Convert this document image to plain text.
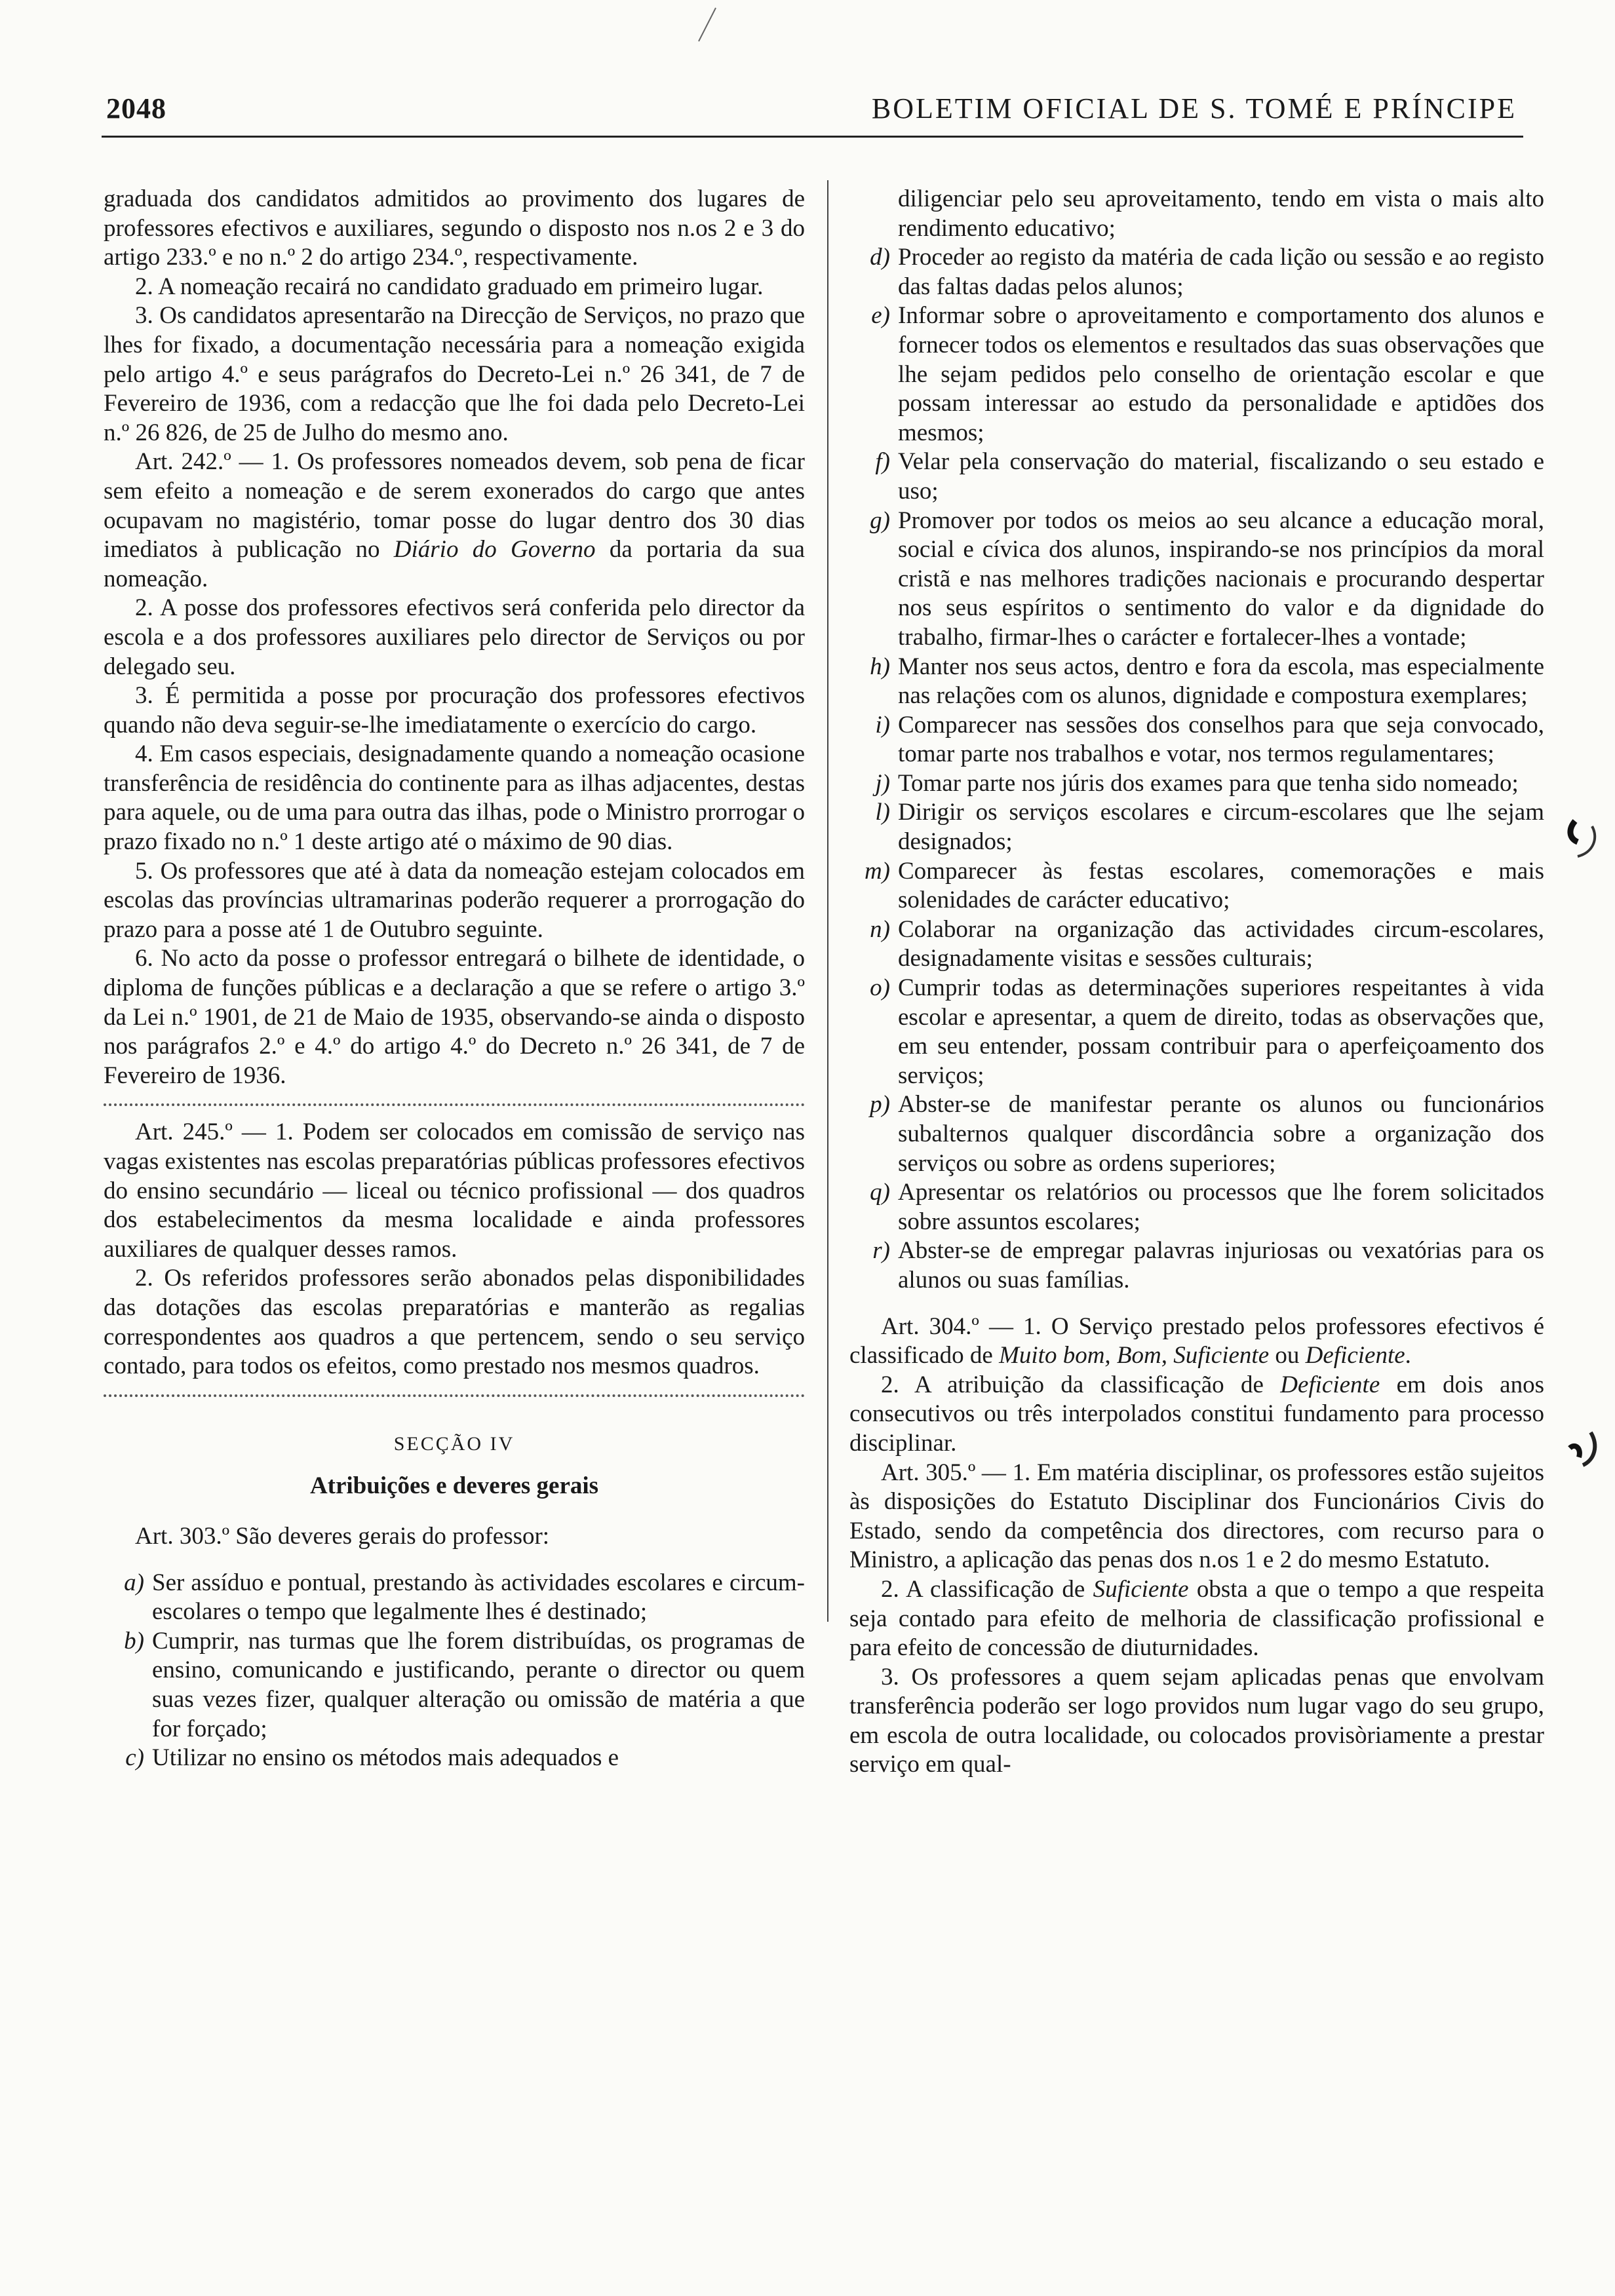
2048	BOLETIM OFICIAL DE S. TOMÉ E PRÍNCIPE

graduada dos candidatos admitidos ao provimento dos lugares de professores efectivos e auxiliares, segundo o disposto nos n.os 2 e 3 do artigo 233.º e no n.º 2 do artigo 234.º, respectivamente.

2. A nomeação recairá no candidato graduado em primeiro lugar.

3. Os candidatos apresentarão na Direcção de Serviços, no prazo que lhes for fixado, a documentação necessária para a nomeação exigida pelo artigo 4.º e seus parágrafos do Decreto-Lei n.º 26 341, de 7 de Fevereiro de 1936, com a redacção que lhe foi dada pelo Decreto-Lei n.º 26 826, de 25 de Julho do mesmo ano.

Art. 242.º — 1. Os professores nomeados devem, sob pena de ficar sem efeito a nomeação e de serem exonerados do cargo que antes ocupavam no magistério, tomar posse do lugar dentro dos 30 dias imediatos à publicação no Diário do Governo da portaria da sua nomeação.

2. A posse dos professores efectivos será conferida pelo director da escola e a dos professores auxiliares pelo director de Serviços ou por delegado seu.

3. É permitida a posse por procuração dos professores efectivos quando não deva seguir-se-lhe imediatamente o exercício do cargo.

4. Em casos especiais, designadamente quando a nomeação ocasione transferência de residência do continente para as ilhas adjacentes, destas para aquele, ou de uma para outra das ilhas, pode o Ministro prorrogar o prazo fixado no n.º 1 deste artigo até o máximo de 90 dias.

5. Os professores que até à data da nomeação estejam colocados em escolas das províncias ultramarinas poderão requerer a prorrogação do prazo para a posse até 1 de Outubro seguinte.

6. No acto da posse o professor entregará o bilhete de identidade, o diploma de funções públicas e a declaração a que se refere o artigo 3.º da Lei n.º 1901, de 21 de Maio de 1935, observando-se ainda o disposto nos parágrafos 2.º e 4.º do artigo 4.º do Decreto n.º 26 341, de 7 de Fevereiro de 1936.

Art. 245.º — 1. Podem ser colocados em comissão de serviço nas vagas existentes nas escolas preparatórias públicas professores efectivos do ensino secundário — liceal ou técnico profissional — dos quadros dos estabelecimentos da mesma localidade e ainda professores auxiliares de qualquer desses ramos.

2. Os referidos professores serão abonados pelas disponibilidades das dotações das escolas preparatórias e manterão as regalias correspondentes aos quadros a que pertencem, sendo o seu serviço contado, para todos os efeitos, como prestado nos mesmos quadros.

SECÇÃO IV
Atribuições e deveres gerais

Art. 303.º São deveres gerais do professor:

a) Ser assíduo e pontual, prestando às actividades escolares e circum-escolares o tempo que legalmente lhes é destinado;
b) Cumprir, nas turmas que lhe forem distribuídas, os programas de ensino, comunicando e justificando, perante o director ou quem suas vezes fizer, qualquer alteração ou omissão de matéria a que for forçado;
c) Utilizar no ensino os métodos mais adequados e
diligenciar pelo seu aproveitamento, tendo em vista o mais alto rendimento educativo;
d) Proceder ao registo da matéria de cada lição ou sessão e ao registo das faltas dadas pelos alunos;
e) Informar sobre o aproveitamento e comportamento dos alunos e fornecer todos os elementos e resultados das suas observações que lhe sejam pedidos pelo conselho de orientação escolar e que possam interessar ao estudo da personalidade e aptidões dos mesmos;
f) Velar pela conservação do material, fiscalizando o seu estado e uso;
g) Promover por todos os meios ao seu alcance a educação moral, social e cívica dos alunos, inspirando-se nos princípios da moral cristã e nas melhores tradições nacionais e procurando despertar nos seus espíritos o sentimento do valor e da dignidade do trabalho, firmar-lhes o carácter e fortalecer-lhes a vontade;
h) Manter nos seus actos, dentro e fora da escola, mas especialmente nas relações com os alunos, dignidade e compostura exemplares;
i) Comparecer nas sessões dos conselhos para que seja convocado, tomar parte nos trabalhos e votar, nos termos regulamentares;
j) Tomar parte nos júris dos exames para que tenha sido nomeado;
l) Dirigir os serviços escolares e circum-escolares que lhe sejam designados;
m) Comparecer às festas escolares, comemorações e mais solenidades de carácter educativo;
n) Colaborar na organização das actividades circum-escolares, designadamente visitas e sessões culturais;
o) Cumprir todas as determinações superiores respeitantes à vida escolar e apresentar, a quem de direito, todas as observações que, em seu entender, possam contribuir para o aperfeiçoamento dos serviços;
p) Abster-se de manifestar perante os alunos ou funcionários subalternos qualquer discordância sobre a organização dos serviços ou sobre as ordens superiores;
q) Apresentar os relatórios ou processos que lhe forem solicitados sobre assuntos escolares;
r) Abster-se de empregar palavras injuriosas ou vexatórias para os alunos ou suas famílias.

Art. 304.º — 1. O Serviço prestado pelos professores efectivos é classificado de Muito bom, Bom, Suficiente ou Deficiente.

2. A atribuição da classificação de Deficiente em dois anos consecutivos ou três interpolados constitui fundamento para processo disciplinar.

Art. 305.º — 1. Em matéria disciplinar, os professores estão sujeitos às disposições do Estatuto Disciplinar dos Funcionários Civis do Estado, sendo da competência dos directores, com recurso para o Ministro, a aplicação das penas dos n.os 1 e 2 do mesmo Estatuto.

2. A classificação de Suficiente obsta a que o tempo a que respeita seja contado para efeito de melhoria de classificação profissional e para efeito de concessão de diuturnidades.

3. Os professores a quem sejam aplicadas penas que envolvam transferência poderão ser logo providos num lugar vago do seu grupo, em escola de outra localidade, ou colocados provisòriamente a prestar serviço em qual-
